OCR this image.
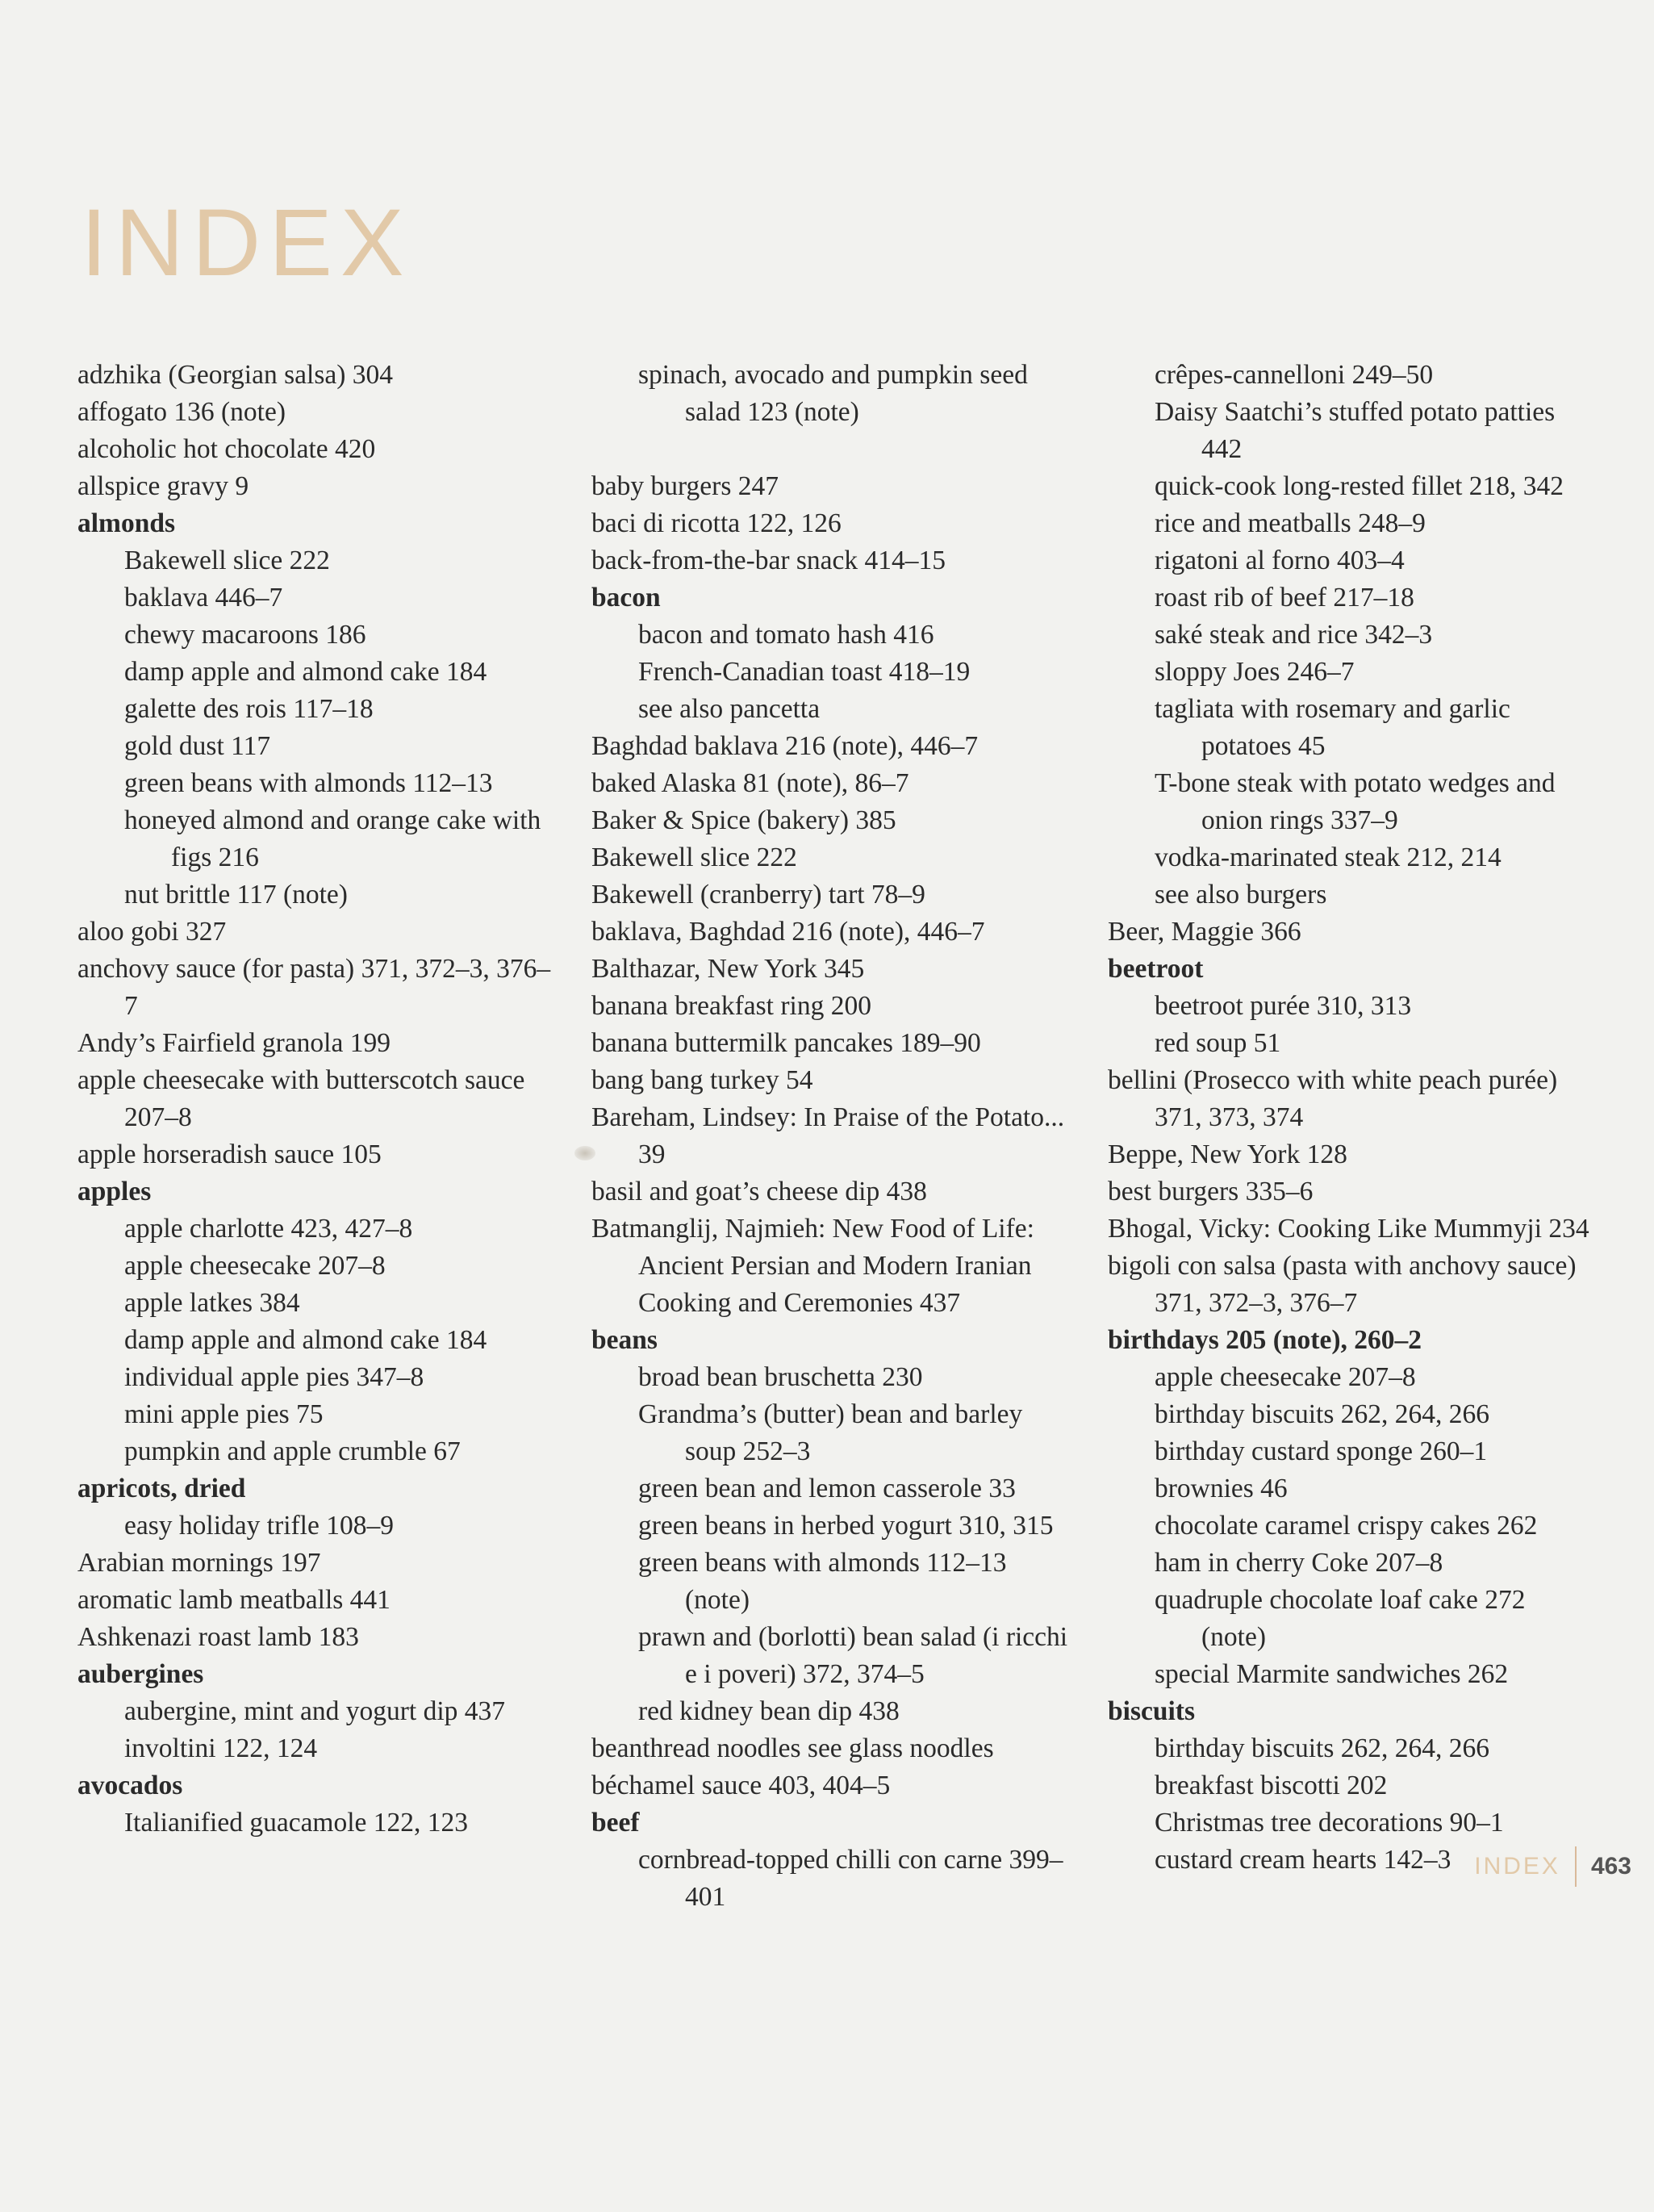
INDEX
adzhika (Georgian salsa) 304
affogato 136 (note)
alcoholic hot chocolate 420
allspice gravy 9
almonds
Bakewell slice 222
baklava 446–7
chewy macaroons 186
damp apple and almond cake 184
galette des rois 117–18
gold dust 117
green beans with almonds 112–13
honeyed almond and orange cake with figs 216
nut brittle 117 (note)
aloo gobi 327
anchovy sauce (for pasta) 371, 372–3, 376–7
Andy’s Fairfield granola 199
apple cheesecake with butterscotch sauce 207–8
apple horseradish sauce 105
apples
apple charlotte 423, 427–8
apple cheesecake 207–8
apple latkes 384
damp apple and almond cake 184
individual apple pies 347–8
mini apple pies 75
pumpkin and apple crumble 67
apricots, dried
easy holiday trifle 108–9
Arabian mornings 197
aromatic lamb meatballs 441
Ashkenazi roast lamb 183
aubergines
aubergine, mint and yogurt dip 437
involtini 122, 124
avocados
Italianified guacamole 122, 123
spinach, avocado and pumpkin seed salad 123 (note)
baby burgers 247
baci di ricotta 122, 126
back-from-the-bar snack 414–15
bacon
bacon and tomato hash 416
French-Canadian toast 418–19
see also pancetta
Baghdad baklava 216 (note), 446–7
baked Alaska 81 (note), 86–7
Baker & Spice (bakery) 385
Bakewell slice 222
Bakewell (cranberry) tart 78–9
baklava, Baghdad 216 (note), 446–7
Balthazar, New York 345
banana breakfast ring 200
banana buttermilk pancakes 189–90
bang bang turkey 54
Bareham, Lindsey: In Praise of the Potato... 39
basil and goat’s cheese dip 438
Batmanglij, Najmieh: New Food of Life: Ancient Persian and Modern Iranian Cooking and Ceremonies 437
beans
broad bean bruschetta 230
Grandma’s (butter) bean and barley soup 252–3
green bean and lemon casserole 33
green beans in herbed yogurt 310, 315
green beans with almonds 112–13 (note)
prawn and (borlotti) bean salad (i ricchi e i poveri) 372, 374–5
red kidney bean dip 438
beanthread noodles see glass noodles
béchamel sauce 403, 404–5
beef
cornbread-topped chilli con carne 399–401
crêpes-cannelloni 249–50
Daisy Saatchi’s stuffed potato patties 442
quick-cook long-rested fillet 218, 342
rice and meatballs 248–9
rigatoni al forno 403–4
roast rib of beef 217–18
saké steak and rice 342–3
sloppy Joes 246–7
tagliata with rosemary and garlic potatoes 45
T-bone steak with potato wedges and onion rings 337–9
vodka-marinated steak 212, 214
see also burgers
Beer, Maggie 366
beetroot
beetroot purée 310, 313
red soup 51
bellini (Prosecco with white peach purée) 371, 373, 374
Beppe, New York 128
best burgers 335–6
Bhogal, Vicky: Cooking Like Mummyji 234
bigoli con salsa (pasta with anchovy sauce) 371, 372–3, 376–7
birthdays 205 (note), 260–2
apple cheesecake 207–8
birthday biscuits 262, 264, 266
birthday custard sponge 260–1
brownies 46
chocolate caramel crispy cakes 262
ham in cherry Coke 207–8
quadruple chocolate loaf cake 272 (note)
special Marmite sandwiches 262
biscuits
birthday biscuits 262, 264, 266
breakfast biscotti 202
Christmas tree decorations 90–1
custard cream hearts 142–3 INDEX 463
